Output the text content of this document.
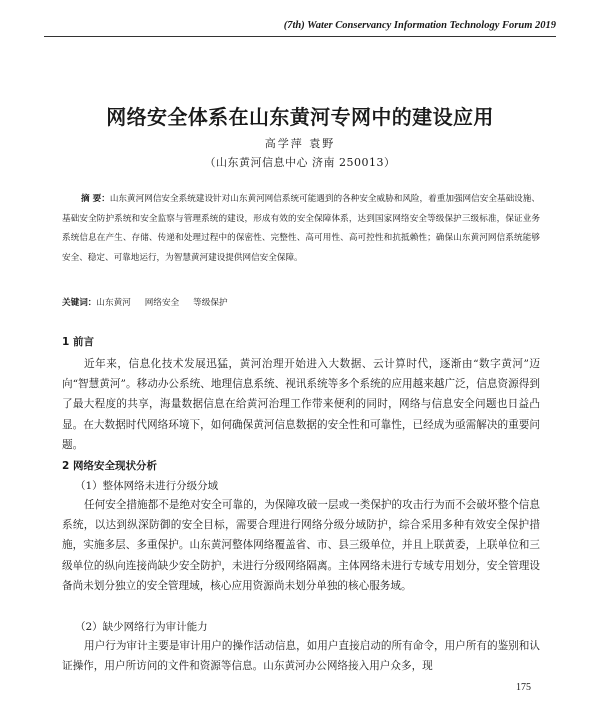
(7th) Water Conservancy Information Technology Forum 2019
网络安全体系在山东黄河专网中的建设应用
高学萍 袁野
（山东黄河信息中心 济南 250013）
摘 要：山东黄河网信安全系统建设针对山东黄河网信系统可能遇到的各种安全威胁和风险，着重加强网信安全基础设施、基础安全防护系统和安全监察与管理系统的建设，形成有效的安全保障体系，达到国家网络安全等级保护三级标准，保证业务系统信息在产生、存储、传递和处理过程中的保密性、完整性、高可用性、高可控性和抗抵赖性；确保山东黄河网信系统能够安全、稳定、可靠地运行，为智慧黄河建设提供网信安全保障。
关键词：山东黄河 网络安全 等级保护
1 前言
近年来，信息化技术发展迅猛，黄河治理开始进入大数据、云计算时代，逐渐由“数字黄河”迈向“智慧黄河”。移动办公系统、地理信息系统、视讯系统等多个系统的应用越来越广泛，信息资源得到了最大程度的共享，海量数据信息在给黄河治理工作带来便利的同时，网络与信息安全问题也日益凸显。在大数据时代网络环境下，如何确保黄河信息数据的安全性和可靠性，已经成为亟需解决的重要问题。
2 网络安全现状分析
（1）整体网络未进行分级分域
任何安全措施都不是绝对安全可靠的，为保障攻破一层或一类保护的攻击行为而不会破坏整个信息系统，以达到纵深防御的安全目标，需要合理进行网络分级分域防护，综合采用多种有效安全保护措施，实施多层、多重保护。山东黄河整体网络覆盖省、市、县三级单位，并且上联黄委，上联单位和三级单位的纵向连接尚缺少安全防护，未进行分级网络隔离。主体网络未进行专域专用划分，安全管理设备尚未划分独立的安全管理域，核心应用资源尚未划分单独的核心服务域。
（2）缺少网络行为审计能力
用户行为审计主要是审计用户的操作活动信息，如用户直接启动的所有命令，用户所有的鉴别和认证操作，用户所访问的文件和资源等信息。山东黄河办公网络接入用户众多，现
175
